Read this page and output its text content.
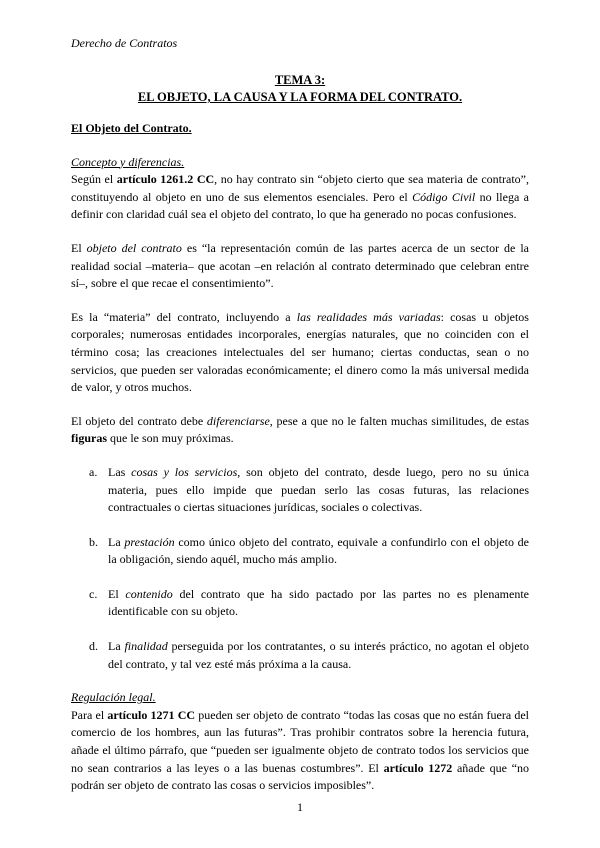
Derecho de Contratos
TEMA 3:
EL OBJETO, LA CAUSA Y LA FORMA DEL CONTRATO.
El Objeto del Contrato.
Concepto y diferencias.

Según el artículo 1261.2 CC, no hay contrato sin “objeto cierto que sea materia de contrato”, constituyendo al objeto en uno de sus elementos esenciales. Pero el Código Civil no llega a definir con claridad cuál sea el objeto del contrato, lo que ha generado no pocas confusiones.

El objeto del contrato es “la representación común de las partes acerca de un sector de la realidad social –materia– que acotan –en relación al contrato determinado que celebran entre sí–, sobre el que recae el consentimiento”.

Es la “materia” del contrato, incluyendo a las realidades más variadas: cosas u objetos corporales; numerosas entidades incorporales, energías naturales, que no coinciden con el término cosa; las creaciones intelectuales del ser humano; ciertas conductas, sean o no servicios, que pueden ser valoradas económicamente; el dinero como la más universal medida de valor, y otros muchos.

El objeto del contrato debe diferenciarse, pese a que no le falten muchas similitudes, de estas figuras que le son muy próximas.

a. Las cosas y los servicios, son objeto del contrato, desde luego, pero no su única materia, pues ello impide que puedan serlo las cosas futuras, las relaciones contractuales o ciertas situaciones jurídicas, sociales o colectivas.
b. La prestación como único objeto del contrato, equivale a confundirlo con el objeto de la obligación, siendo aquél, mucho más amplio.
c. El contenido del contrato que ha sido pactado por las partes no es plenamente identificable con su objeto.
d. La finalidad perseguida por los contratantes, o su interés práctico, no agotan el objeto del contrato, y tal vez esté más próxima a la causa.
Regulación legal.

Para el artículo 1271 CC pueden ser objeto de contrato “todas las cosas que no están fuera del comercio de los hombres, aun las futuras”. Tras prohibir contratos sobre la herencia futura, añade el último párrafo, que “pueden ser igualmente objeto de contrato todos los servicios que no sean contrarios a las leyes o a las buenas costumbres”. El artículo 1272 añade que “no podrán ser objeto de contrato las cosas o servicios imposibles”.

1
